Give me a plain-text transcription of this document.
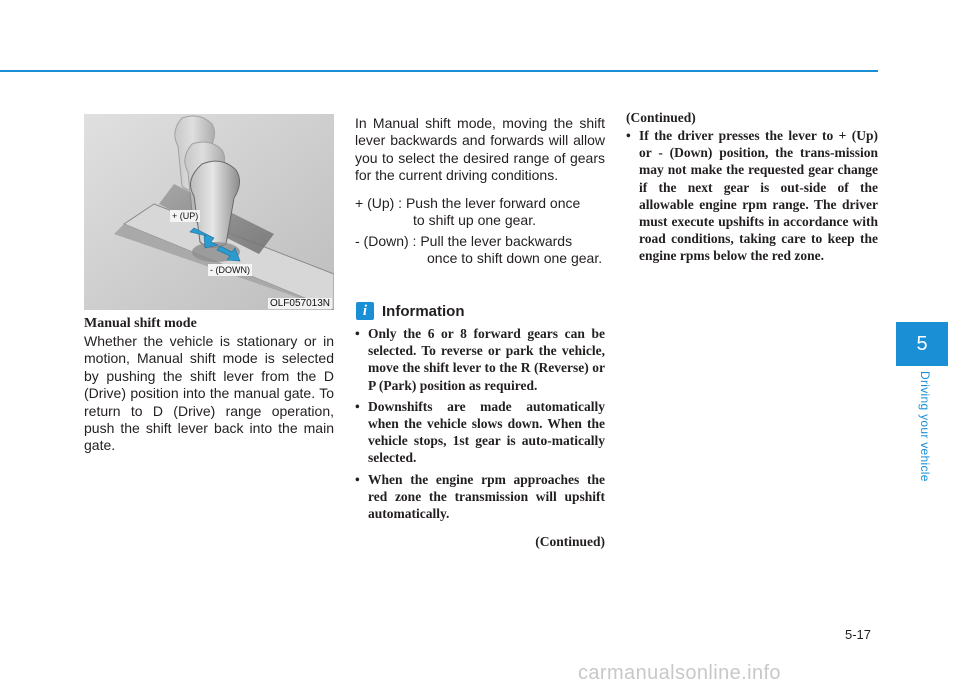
+ (UP)
- (DOWN)
OLF057013N
Manual shift mode

Whether the vehicle is stationary or in motion, Manual shift mode is selected by pushing the shift lever from the D (Drive) position into the manual gate. To return to D (Drive) range operation, push the shift lever back into the main gate.

In Manual shift mode, moving the shift lever backwards and forwards will allow you to select the desired range of gears for the current driving conditions.

+ (Up) : Push the lever forward once
to shift up one gear.
- (Down) : Pull the lever backwards
once to shift down one gear.
i Information
• Only the 6 or 8 forward gears can be selected. To reverse or park the vehicle, move the shift lever to the R (Reverse) or P (Park) position as required.
• Downshifts are made automatically when the vehicle slows down. When the vehicle stops, 1st gear is auto-matically selected.
• When the engine rpm approaches the red zone the transmission will upshift automatically.
(Continued)
(Continued)
• If the driver presses the lever to + (Up) or - (Down) position, the trans-mission may not make the requested gear change if the next gear is out-side of the allowable engine rpm range. The driver must execute upshifts in accordance with road conditions, taking care to keep the engine rpms below the red zone.
5
Driving your vehicle
5-17
carmanualsonline.info
